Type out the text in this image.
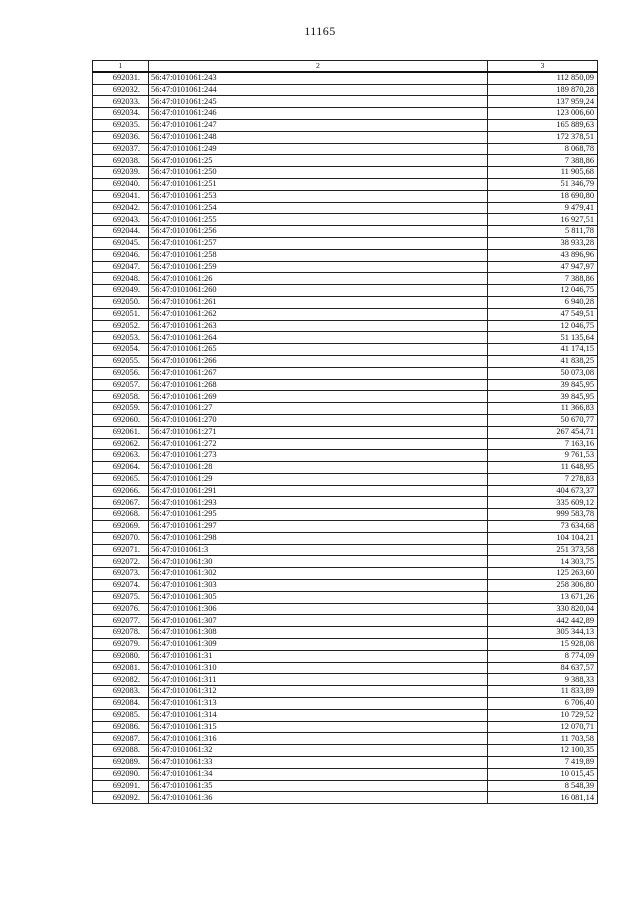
11165
1	2	3
692031.	56:47:0101061:243	112 850,09
692032.	56:47:0101061:244	189 870,28
692033.	56:47:0101061:245	137 959,24
692034.	56:47:0101061:246	123 006,60
692035.	56:47:0101061:247	165 889,63
692036.	56:47:0101061:248	172 378,51
692037.	56:47:0101061:249	8 068,78
692038.	56:47:0101061:25	7 388,86
692039.	56:47:0101061:250	11 905,68
692040.	56:47:0101061:251	51 346,79
692041.	56:47:0101061:253	18 690,80
692042.	56:47:0101061:254	9 479,41
692043.	56:47:0101061:255	16 927,51
692044.	56:47:0101061:256	5 811,78
692045.	56:47:0101061:257	38 933,28
692046.	56:47:0101061:258	43 896,96
692047.	56:47:0101061:259	47 947,97
692048.	56:47:0101061:26	7 388,86
692049.	56:47:0101061:260	12 046,75
692050.	56:47:0101061:261	6 940,28
692051.	56:47:0101061:262	47 549,51
692052.	56:47:0101061:263	12 046,75
692053.	56:47:0101061:264	51 135,64
692054.	56:47:0101061:265	41 174,15
692055.	56:47:0101061:266	41 838,25
692056.	56:47:0101061:267	50 073,08
692057.	56:47:0101061:268	39 845,95
692058.	56:47:0101061:269	39 845,95
692059.	56:47:0101061:27	11 366,83
692060.	56:47:0101061:270	50 670,77
692061.	56:47:0101061:271	267 454,71
692062.	56:47:0101061:272	7 163,16
692063.	56:47:0101061:273	9 761,53
692064.	56:47:0101061:28	11 648,95
692065.	56:47:0101061:29	7 278,83
692066.	56:47:0101061:291	404 673,37
692067.	56:47:0101061:293	335 609,12
692068.	56:47:0101061:295	999 583,78
692069.	56:47:0101061:297	73 634,68
692070.	56:47:0101061:298	104 104,21
692071.	56:47:0101061:3	251 373,58
692072.	56:47:0101061:30	14 303,75
692073.	56:47:0101061:302	125 263,60
692074.	56:47:0101061:303	258 306,80
692075.	56:47:0101061:305	13 671,26
692076.	56:47:0101061:306	330 820,04
692077.	56:47:0101061:307	442 442,89
692078.	56:47:0101061:308	305 344,13
692079.	56:47:0101061:309	15 928,08
692080.	56:47:0101061:31	8 774,09
692081.	56:47:0101061:310	84 637,57
692082.	56:47:0101061:311	9 388,33
692083.	56:47:0101061:312	11 833,89
692084.	56:47:0101061:313	6 706,40
692085.	56:47:0101061:314	10 729,52
692086.	56:47:0101061:315	12 070,71
692087.	56:47:0101061:316	11 703,58
692088.	56:47:0101061:32	12 100,35
692089.	56:47:0101061:33	7 419,89
692090.	56:47:0101061:34	10 015,45
692091.	56:47:0101061:35	8 548,39
692092.	56:47:0101061:36	16 081,14
